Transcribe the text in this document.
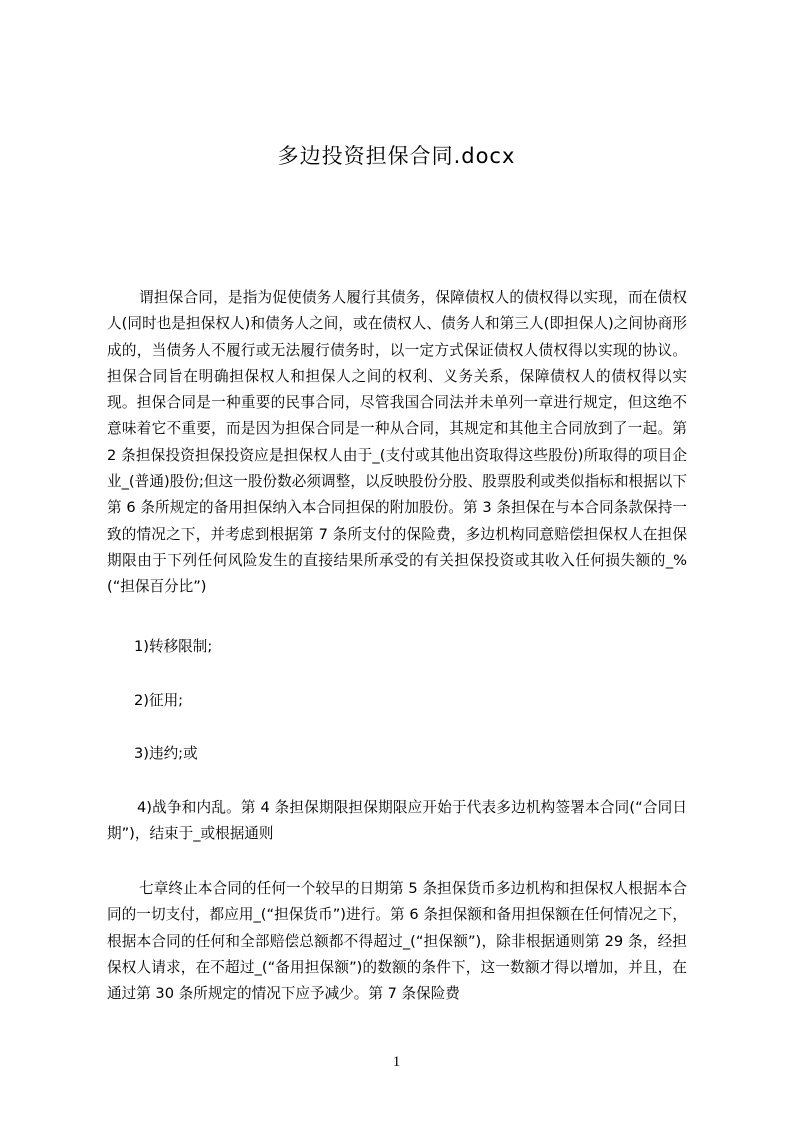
多边投资担保合同.docx
谓担保合同，是指为促使债务人履行其债务，保障债权人的债权得以实现，而在债权人(同时也是担保权人)和债务人之间，或在债权人、债务人和第三人(即担保人)之间协商形成的，当债务人不履行或无法履行债务时，以一定方式保证债权人债权得以实现的协议。担保合同旨在明确担保权人和担保人之间的权利、义务关系，保障债权人的债权得以实现。担保合同是一种重要的民事合同，尽管我国合同法并未单列一章进行规定，但这绝不意味着它不重要，而是因为担保合同是一种从合同，其规定和其他主合同放到了一起。第 2 条担保投资担保投资应是担保权人由于_(支付或其他出资取得这些股份)所取得的项目企业_(普通)股份;但这一股份数必须调整，以反映股份分股、股票股利或类似指标和根据以下第 6 条所规定的备用担保纳入本合同担保的附加股份。第 3 条担保在与本合同条款保持一致的情况之下，并考虑到根据第 7 条所支付的保险费，多边机构同意赔偿担保权人在担保期限由于下列任何风险发生的直接结果所承受的有关担保投资或其收入任何损失额的_%(“担保百分比”)
1)转移限制;
2)征用;
3)违约;或
4)战争和内乱。第 4 条担保期限担保期限应开始于代表多边机构签署本合同(“合同日期”)，结束于_或根据通则
七章终止本合同的任何一个较早的日期第 5 条担保货币多边机构和担保权人根据本合同的一切支付，都应用_(“担保货币”)进行。第 6 条担保额和备用担保额在任何情况之下，根据本合同的任何和全部赔偿总额都不得超过_(“担保额”)，除非根据通则第 29 条，经担保权人请求，在不超过_(“备用担保额”)的数额的条件下，这一数额才得以增加，并且，在通过第 30 条所规定的情况下应予减少。第 7 条保险费
1
